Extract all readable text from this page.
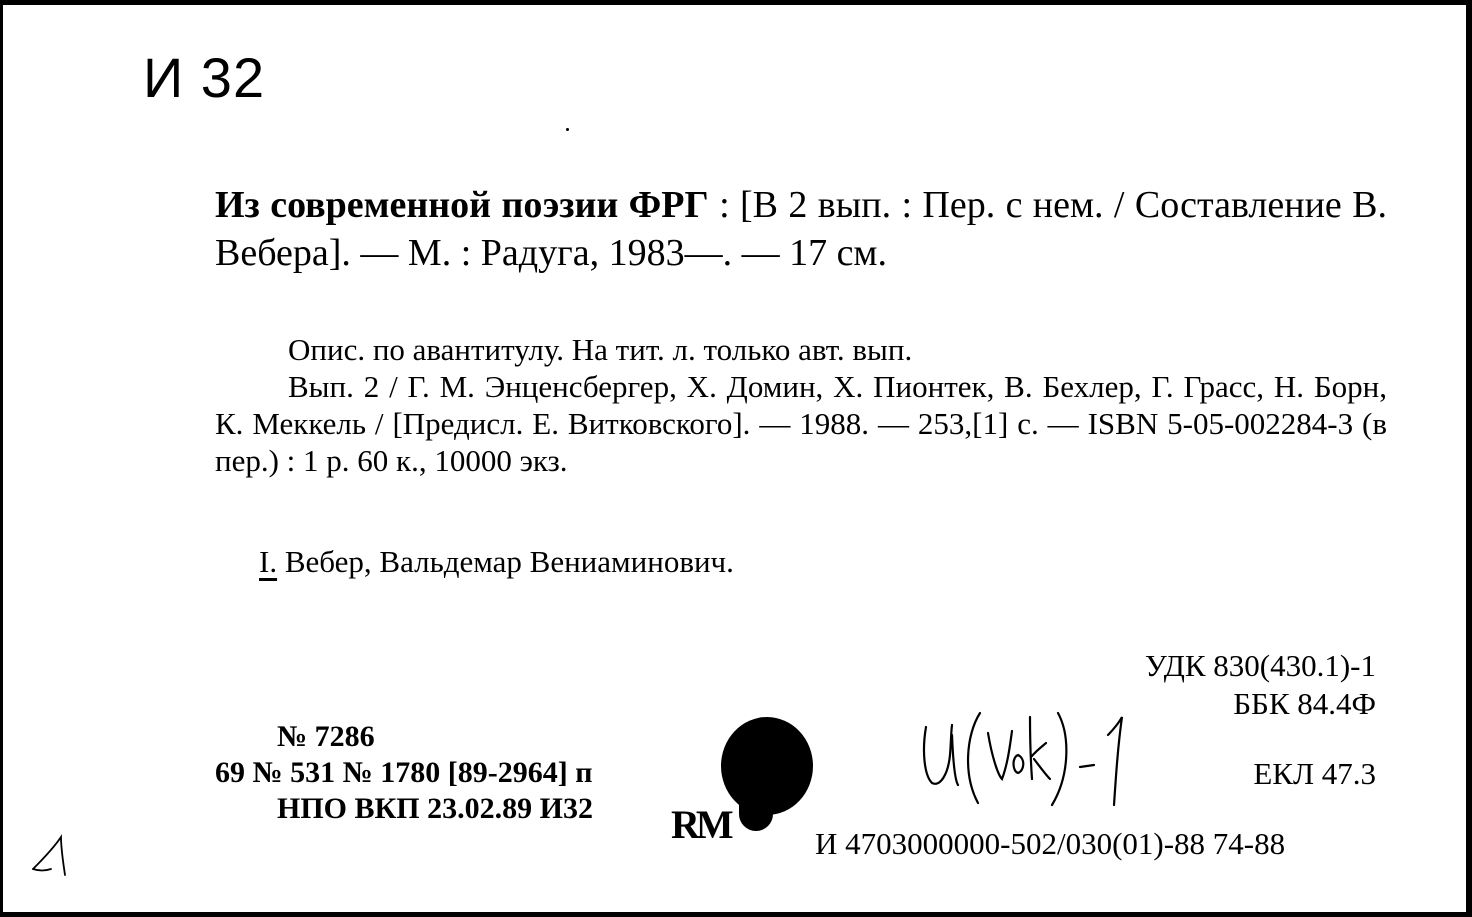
И 32
Из современной поэзии ФРГ : [В 2 вып. : Пер. с нем. / Составление В. Вебера]. — М. : Радуга, 1983—. — 17 см.

Опис. по авантитулу. На тит. л. только авт. вып.

Вып. 2 / Г. М. Энценсбергер, Х. Домин, Х. Пионтек, В. Бехлер, Г. Грасс, Н. Борн, К. Меккель / [Предисл. Е. Витковского]. — 1988. — 253,[1] с. — ISBN 5-05-002284-3 (в пер.) : 1 р. 60 к., 10000 экз.

I. Вебер, Вальдемар Вениаминович.
УДК 830(430.1)-1
ББК 84.4Ф
№ 7286
69 № 531 № 1780 [89-2964] п
НПО ВКП 23.02.89 И32 RM
ЕКЛ 47.3
И 4703000000-502/030(01)-88 74-88
